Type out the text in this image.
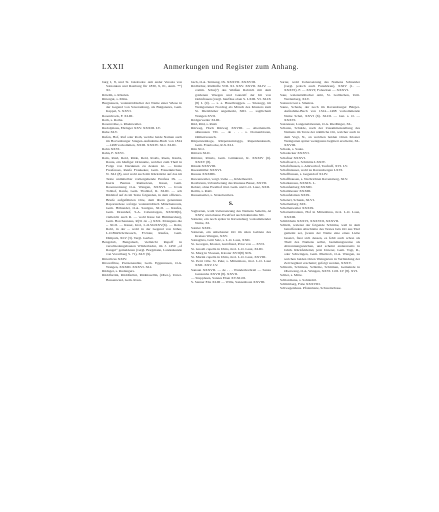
LXXII	Anmerkungen und Register zum Anhang.

burg I, 8, und St. Jakobsdor. Am ander Verosia von Salzonkan und Rastburg für 1830, 9, 01, Anm. **) XI.

Rötelm, s. Rötelen.

Rittergut, s. Mitte.

Burgnauers, walenstädtischer der Name einer Wiese in der Gegend von Saveranburg, als Buigaiezzs, Gem. Kappel, S. XXVI.

Rosenbrock, F. XLIII.

Roth, s. Rothe.

Rosenvolke, s. Rheinweiler.

Rudolphaus, Ehrlager XXV. XXXIII. LV.

Ruhe XLV.

Rufen, Hof, Ruf oder Roth, welche beide Namen auch im Borvenburger Stiegen-Aufnahme-Buch von 1824—1498 vorkommen, XXIII. XXXIV. XLI. XLIII.

Rohn XXVI.

Rahn, F. XXVI.

Rain, Raid, Reid, Rüde, Reid, Roids, Raeis, Raubs, Raute, ein häufiger Ortsname, welcher zum Theil in Folge von Dazuknen zu deuten ist. — Insite Freefesses, Reufe Fraukeker, Gem. Frauenkirchen, N. XLI (8), und wohl auch mit Rückrückt auf das im Texte unmittelbar vorhergehende Ensfuss IX. — Ineris Bernus Ramsolzen, Reset, Gem. Rosenweisung O.A. Wangen, XXXVI. — Irrois Tobhof, Ranfe, Gem. Tbabhof, R. XLIII. — ach Rüdshaf auf ds im Texte folgenden, in dem offiziers-Briefe aufgeführten Orte, dem übern genannten Raporterdese sofolge walenstädtisch Mänchenreuts, Gem. Höhandel, O.A. Saulgau, XLII. — Raufes, Gem. Draunhof, S.A. Cabenlorgen, XXXIII(b), vielleicht auch R. — wohl Raue bei Bimmersberg, Gem. Borchaunaus, R(31 de --) XXX. Molegens die -- XLII. — Rauer, Irrol, L.O.SbrXXV(6). — Rohr, Rohl, in der -- wohl in der Gegend von höher, L.O.BüxSrhcmosach, F.Unter, Raufes, Gem. Dimpuls, XLV (3). Vergl. Gerber.

Bengolub, Bengalueb, vielleicht Rapoff in verschiedengebauten Wälderbadur, im J. 1459 „of Rangel“ gemeldeten (vergl. Borgmann, Landeskunde von Vorarlberg S. 71), XLV (9).

Ritterlicus XXIV.

Ritscerfilne, Pretzenaudler, Gem. Eggenrusen, O.A. Wangen, XXXIII. XXXVI. XLI.

Rüdager, s. Rudangers.

Rüddfartini, Rüddfartini, Rüdnissellin, (Ober-), Unter-Bassenwied, Gem. Rosn-

bach, O.A. Tettnang, IX. XXXVII. XXXVIII.

Rödbichsr, Rödhöfle VIII. XI. XXV. XXVII. XLIV. — comm. Schu(?) des Weißen Rabrich mit dem goldenen Weegen und Ganzalf der Im von Oehnfrauen (vergl. hierfüse oben S. LXIII. VI. XLIX (8) L (9). — s. a. Haselbruggen. — Stiezegg, im Weingartener Nordtog als Mönch des Klusters zum St. Dietzbleher angemerkt, XIII. — sagtlichem Wangen XVII.

Rödgerweiler XLIII.

Rüd, Rüd, s. Ruid.

Rürweg, Hoch Rürweg XXVIII. — Aberlentelli-altkreuzen VII. — de . . . s. Dornenbloren, Omhenwassch.

Rürpetsteinloge, Rürpetsteinloggs, Rupenbenkusch, Gem. Fraubocke, R.X.XLI.

Rün XLI.

Rüttarn XLII.

Rüttsler, Rötels, Gem. Grünkraut, R. XXXIV (6). XXXV (8).

Rüssik XXXVIII.

Ruessmüller XXXVI.

Russau XXXIIIb.

Ruwenweiler, vergl. Uehe —, Rödelbeetirl.

Rostbrunn, Urbsnrbetung des Rasnuse Bauer, XXVII.

Rebarr, ohne Ewelhof titul. Gem. und L.O. Lauz, XXII.

Reilin, s. Raitl.

Russenseiler, s. Stratelweilers.

S.

Sagbarten, wohl Uebersetzung des Namens Seheltn, Ai XXIV, und ebenso Ewelfwd auch Kahntalns XII.

Salzeler, ein noch später in Ravensburg vorkommender Name, XI.

Salzler XXIX.

Salzeren, ein unbebauter Ort im alten Gebiete des Kreises Wangen, XXV.

Salzagliza, Grüt Salz, s. L.O. Lauz, XXII.

St. Georgen, Kloster, Gutöftsud, Prior von — XVII.

St. Gnozli capella in Ulms, tirol. L.O. Lauz, XLIII.

St. Marg in Vleesen, Kloster XVII(8) XIX.

St. Marini capella in Ulms, tirol. L.O. Lauz, XXVIII.

St. Petri ville. St. Pekr, s. Mittenhoss, tirol. L.O. Lauz XXII. XXV. LV.

Sansun XXXVII. — de . . . Wunderhorbrail — Sanza Ganzenbe XXVII (8). XXVII.

— Stuppbeen, Sanzes Eben XV.XLIII.

S. Sanner Elte XLIII — Wille, Sanzenbouz XXVIII.

Sarter, wohl Uebersetzung des Namens Schneider (vergl. jedoch auch Funshören), XXIV (1. — XXXVI). F. — XXVI; Fobeziren — XXXVI.

Saur, walenstädtischer Amt, St. Gallischen, Urm. Werlenberg, XLV.

Saxuren Gut s. Smeiras.

Saute, Schade, der noch im Ravensburger Bürger-Aufnahme-Buch von 1324—1498 vorkommende Name Schel, XXVI (6). XLIII. — Gut. s. O. — XXXVI.

Saxzeuser, Langenalsbeuren, O.A. Riedlinger, XL.

Schaale, Schalde, nach der Zusammenstellung des Namens im Texte der nämliche Ort, welcher auch in dem Vogt, N., an welchen beiden Orten Kloster Weingarten später wenigstens begütert erscheint, XL. XXVIII.

Schade, s. Saute.

Schadecker XXXVI.

Schafner XXXVI.

Schafloerrl, s. Schmitte LXXIV.

Schafsflsusen, s. Amtverhof, Taufruff, XVI. LV.

Schafinisuser, wohl zu Ravensbergen LXVI.

Schefflussen, s. Gegendorf XLIV.

Schaffhausen, s. Nachrichten Ravensberg, XLV.

Schalkanasu, XXXIX. L.

Schanfenberg XXXIII.

Schambeater XXXIII.

Schaufelsinsn XXIX.

Schelerl, Schenk, XLVI.

Schellenberg XIX.

Schellenweiler XXXIX.

Schattenbranlen, Hof in Mittenlinss, tirol. L.O. Lauz, XXXIII.

Schibbbeln XXXVI, XXXVIII, XXXVII.

Schirm, walenst der folgende Schirme, weil in dem betreffenden Abschnitte des Textes bels Ort aus Titel gemeint sei, (wenn der Name eine eines Liebe besetzt, fiest sich dessen, es fehlt auch schon als Theil des Namens selbst, beziehungsweise als Abtrennungszeichen, und scheint andererseits in Jahrh. Rückfeldeind, jetzt Unterer, Gem. Vogt, R., oder Schwingen, Gem. Pikrürob, O.A. Wangen, zu welchen beiden Orten Weingarten in Verbindung der Zeit begütert erscheint; gefolgt werden, XXXV.

Schirem, Schiriess, Schirme, Schirmen, Gemeinde in Oberwang, O.A. Wangen, XXVI. LIII. LV (8). XVI.

Schler, s. Mitte.

Schlaxmane, s. Sohnlohtl.

Schlimberg, Fabe XXXVIII.

Schwegenhaus. Pfalenluste, Schweinchase.
